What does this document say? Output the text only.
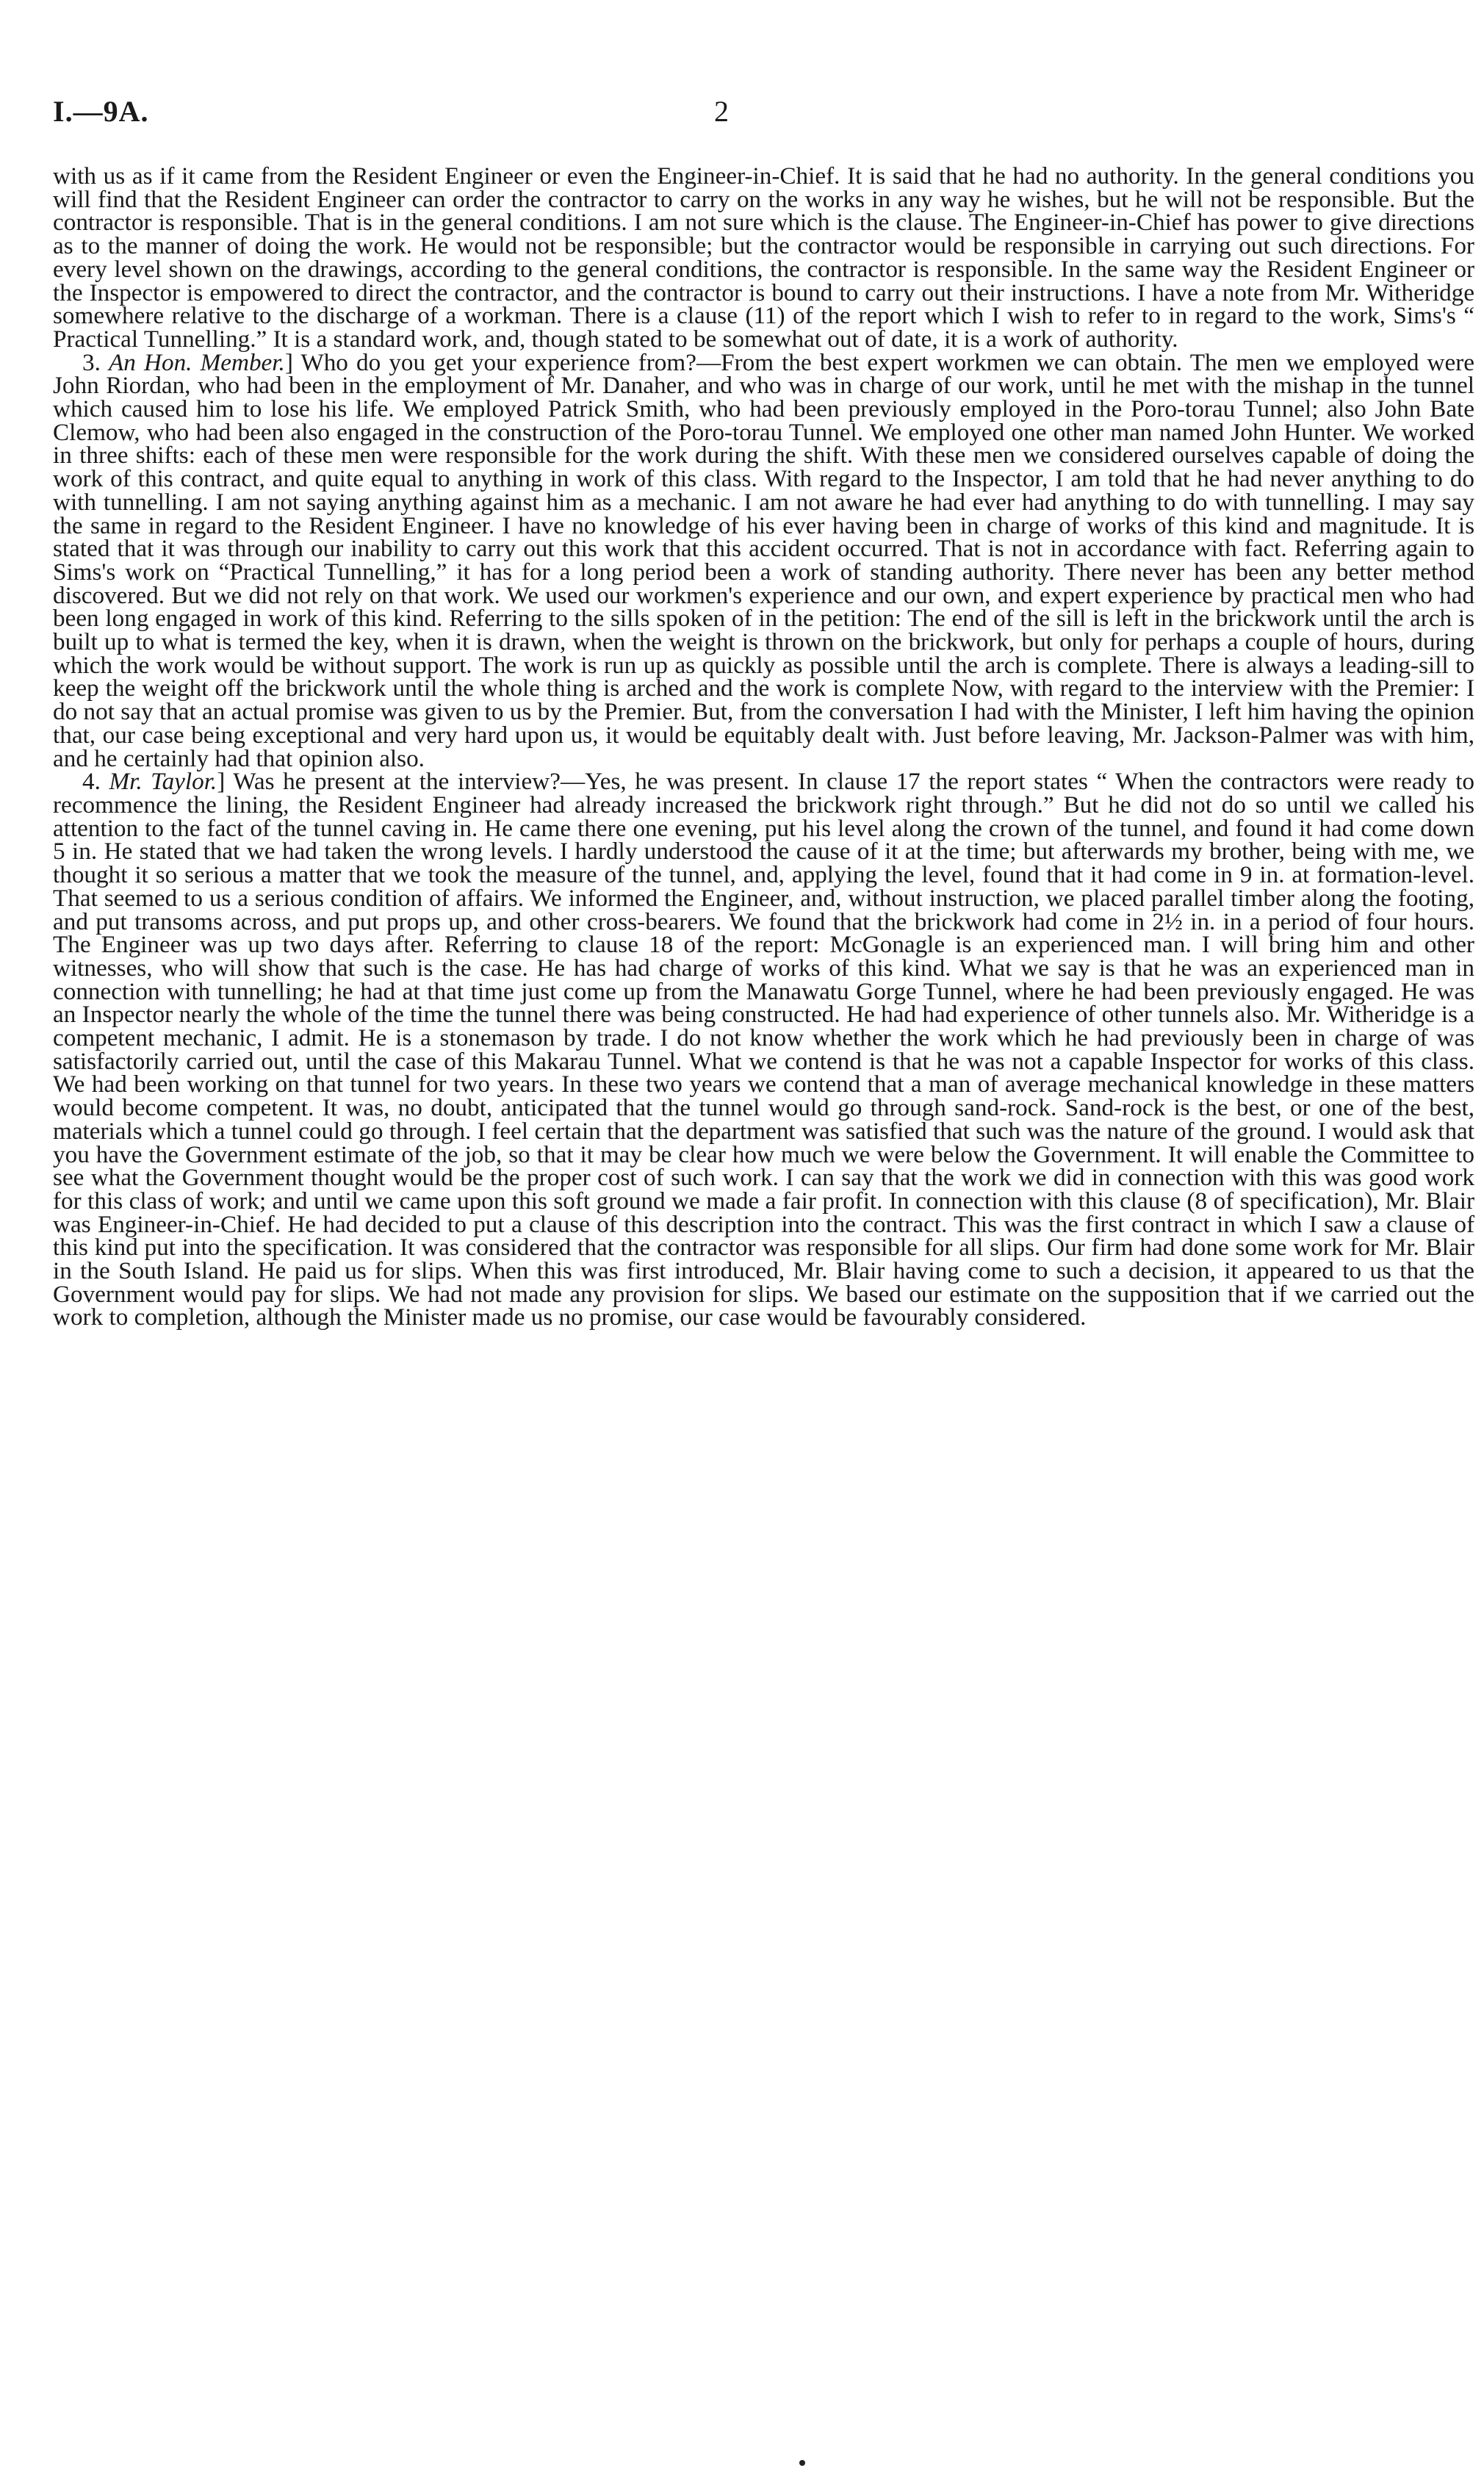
I.—9A.	2

with us as if it came from the Resident Engineer or even the Engineer-in-Chief. It is said that he had no authority. In the general conditions you will find that the Resident Engineer can order the contractor to carry on the works in any way he wishes, but he will not be responsible. But the contractor is responsible. That is in the general conditions. I am not sure which is the clause. The Engineer-in-Chief has power to give directions as to the manner of doing the work. He would not be responsible; but the contractor would be responsible in carrying out such directions. For every level shown on the drawings, according to the general conditions, the contractor is responsible. In the same way the Resident Engineer or the Inspector is empowered to direct the contractor, and the contractor is bound to carry out their instructions. I have a note from Mr. Witheridge somewhere relative to the discharge of a workman. There is a clause (11) of the report which I wish to refer to in regard to the work, Sims's “ Practical Tunnelling.” It is a standard work, and, though stated to be somewhat out of date, it is a work of authority.

3. An Hon. Member.] Who do you get your experience from?—From the best expert workmen we can obtain. The men we employed were John Riordan, who had been in the employment of Mr. Danaher, and who was in charge of our work, until he met with the mishap in the tunnel which caused him to lose his life. We employed Patrick Smith, who had been previously employed in the Poro-torau Tunnel; also John Bate Clemow, who had been also engaged in the construction of the Poro-torau Tunnel. We employed one other man named John Hunter. We worked in three shifts: each of these men were responsible for the work during the shift. With these men we considered ourselves capable of doing the work of this contract, and quite equal to anything in work of this class. With regard to the Inspector, I am told that he had never anything to do with tunnelling. I am not saying anything against him as a mechanic. I am not aware he had ever had anything to do with tunnelling. I may say the same in regard to the Resident Engineer. I have no knowledge of his ever having been in charge of works of this kind and magnitude. It is stated that it was through our inability to carry out this work that this accident occurred. That is not in accordance with fact. Referring again to Sims's work on “Practical Tunnelling,” it has for a long period been a work of standing authority. There never has been any better method discovered. But we did not rely on that work. We used our workmen's experience and our own, and expert experience by practical men who had been long engaged in work of this kind. Referring to the sills spoken of in the petition: The end of the sill is left in the brickwork until the arch is built up to what is termed the key, when it is drawn, when the weight is thrown on the brickwork, but only for perhaps a couple of hours, during which the work would be without support. The work is run up as quickly as possible until the arch is complete. There is always a leading-sill to keep the weight off the brickwork until the whole thing is arched and the work is complete Now, with regard to the interview with the Premier: I do not say that an actual promise was given to us by the Premier. But, from the conversation I had with the Minister, I left him having the opinion that, our case being exceptional and very hard upon us, it would be equitably dealt with. Just before leaving, Mr. Jackson-Palmer was with him, and he certainly had that opinion also.

4. Mr. Taylor.] Was he present at the interview?—Yes, he was present. In clause 17 the report states “ When the contractors were ready to recommence the lining, the Resident Engineer had already increased the brickwork right through.” But he did not do so until we called his attention to the fact of the tunnel caving in. He came there one evening, put his level along the crown of the tunnel, and found it had come down 5 in. He stated that we had taken the wrong levels. I hardly understood the cause of it at the time; but afterwards my brother, being with me, we thought it so serious a matter that we took the measure of the tunnel, and, applying the level, found that it had come in 9 in. at formation-level. That seemed to us a serious condition of affairs. We informed the Engineer, and, without instruction, we placed parallel timber along the footing, and put transoms across, and put props up, and other cross-bearers. We found that the brickwork had come in 2½ in. in a period of four hours. The Engineer was up two days after. Referring to clause 18 of the report: McGonagle is an experienced man. I will bring him and other witnesses, who will show that such is the case. He has had charge of works of this kind. What we say is that he was an experienced man in connection with tunnelling; he had at that time just come up from the Manawatu Gorge Tunnel, where he had been previously engaged. He was an Inspector nearly the whole of the time the tunnel there was being constructed. He had had experience of other tunnels also. Mr. Witheridge is a competent mechanic, I admit. He is a stonemason by trade. I do not know whether the work which he had previously been in charge of was satisfactorily carried out, until the case of this Makarau Tunnel. What we contend is that he was not a capable Inspector for works of this class. We had been working on that tunnel for two years. In these two years we contend that a man of average mechanical knowledge in these matters would become competent. It was, no doubt, anticipated that the tunnel would go through sand-rock. Sand-rock is the best, or one of the best, materials which a tunnel could go through. I feel certain that the department was satisfied that such was the nature of the ground. I would ask that you have the Government estimate of the job, so that it may be clear how much we were below the Government. It will enable the Committee to see what the Government thought would be the proper cost of such work. I can say that the work we did in connection with this was good work for this class of work; and until we came upon this soft ground we made a fair profit. In connection with this clause (8 of specification), Mr. Blair was Engineer-in-Chief. He had decided to put a clause of this description into the contract. This was the first contract in which I saw a clause of this kind put into the specification. It was considered that the contractor was responsible for all slips. Our firm had done some work for Mr. Blair in the South Island. He paid us for slips. When this was first introduced, Mr. Blair having come to such a decision, it appeared to us that the Government would pay for slips. We had not made any provision for slips. We based our estimate on the supposition that if we carried out the work to completion, although the Minister made us no promise, our case would be favourably considered.
